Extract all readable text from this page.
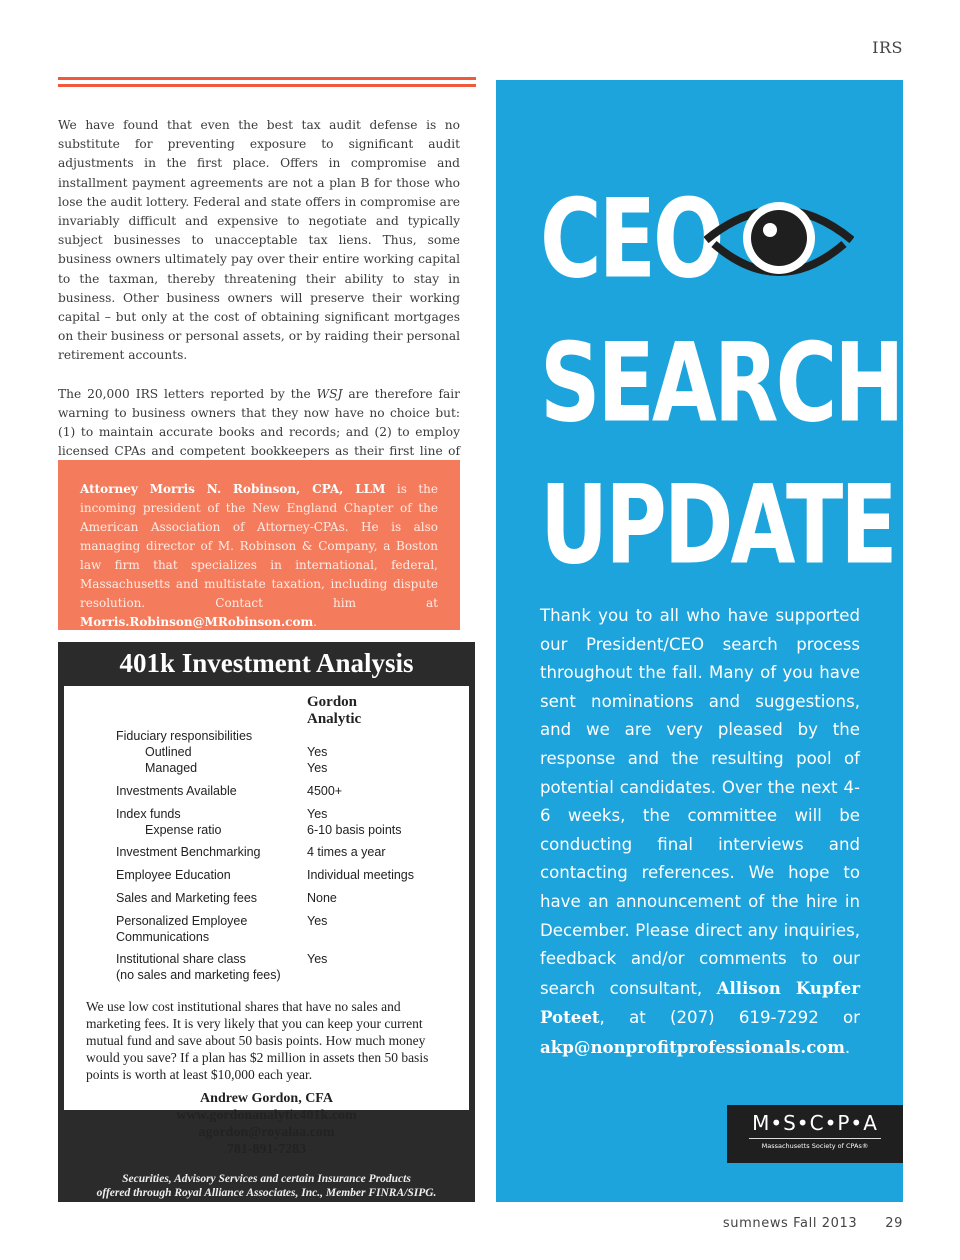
IRS

We have found that even the best tax audit defense is no substitute for preventing exposure to significant audit adjustments in the first place. Offers in compromise and installment payment agreements are not a plan B for those who lose the audit lottery. Federal and state offers in compromise are invariably difficult and expensive to negotiate and typically subject businesses to unacceptable tax liens. Thus, some business owners ultimately pay over their entire working capital to the taxman, thereby threatening their ability to stay in business. Other business owners will preserve their working capital – but only at the cost of obtaining significant mortgages on their business or personal assets, or by raiding their personal retirement accounts.

The 20,000 IRS letters reported by the WSJ are therefore fair warning to business owners that they now have no choice but: (1) to maintain accurate books and records; and (2) to employ licensed CPAs and competent bookkeepers as their first line of

Attorney Morris N. Robinson, CPA, LLM is the incoming president of the New England Chapter of the American Association of Attorney-CPAs. He is also managing director of M. Robinson & Company, a Boston law firm that specializes in international, federal, Massachusetts and multistate taxation, including dispute resolution. Contact him at Morris.Robinson@MRobinson.com.
401k Investment Analysis
Gordon Analytic
Fiduciary responsibilities
Outlined	Yes
Managed	Yes
Investments Available	4500+
Index funds	Yes
Expense ratio	6-10 basis points
Investment Benchmarking	4 times a year
Employee Education	Individual meetings
Sales and Marketing fees	None
Personalized Employee	Yes
Communications
Institutional share class	Yes
(no sales and marketing fees)
We use low cost institutional shares that have no sales and marketing fees. It is very likely that you can keep your current mutual fund and save about 50 basis points. How much money would you save? If a plan has $2 million in assets then 50 basis points is worth at least $10,000 each year.
Andrew Gordon, CFA
www.gordonanalytic401k.com
agordon@royalaa.com
781-891-7283
Securities, Advisory Services and certain Insurance Products
offered through Royal Alliance Associates, Inc., Member FINRA/SIPG.
CEO
SEARCH
UPDATE
Thank you to all who have supported our President/CEO search process throughout the fall. Many of you have sent nominations and suggestions, and we are very pleased by the response and the resulting pool of potential candidates. Over the next 4-6 weeks, the committee will be conducting final interviews and contacting references. We hope to have an announcement of the hire in December. Please direct any inquiries, feedback and/or comments to our search consultant, Allison Kupfer Poteet, at (207) 619-7292 or akp@nonprofitprofessionals.com.
M•S•C•P•A
Massachusetts Society of CPAs®
sumnews Fall 2013 29
